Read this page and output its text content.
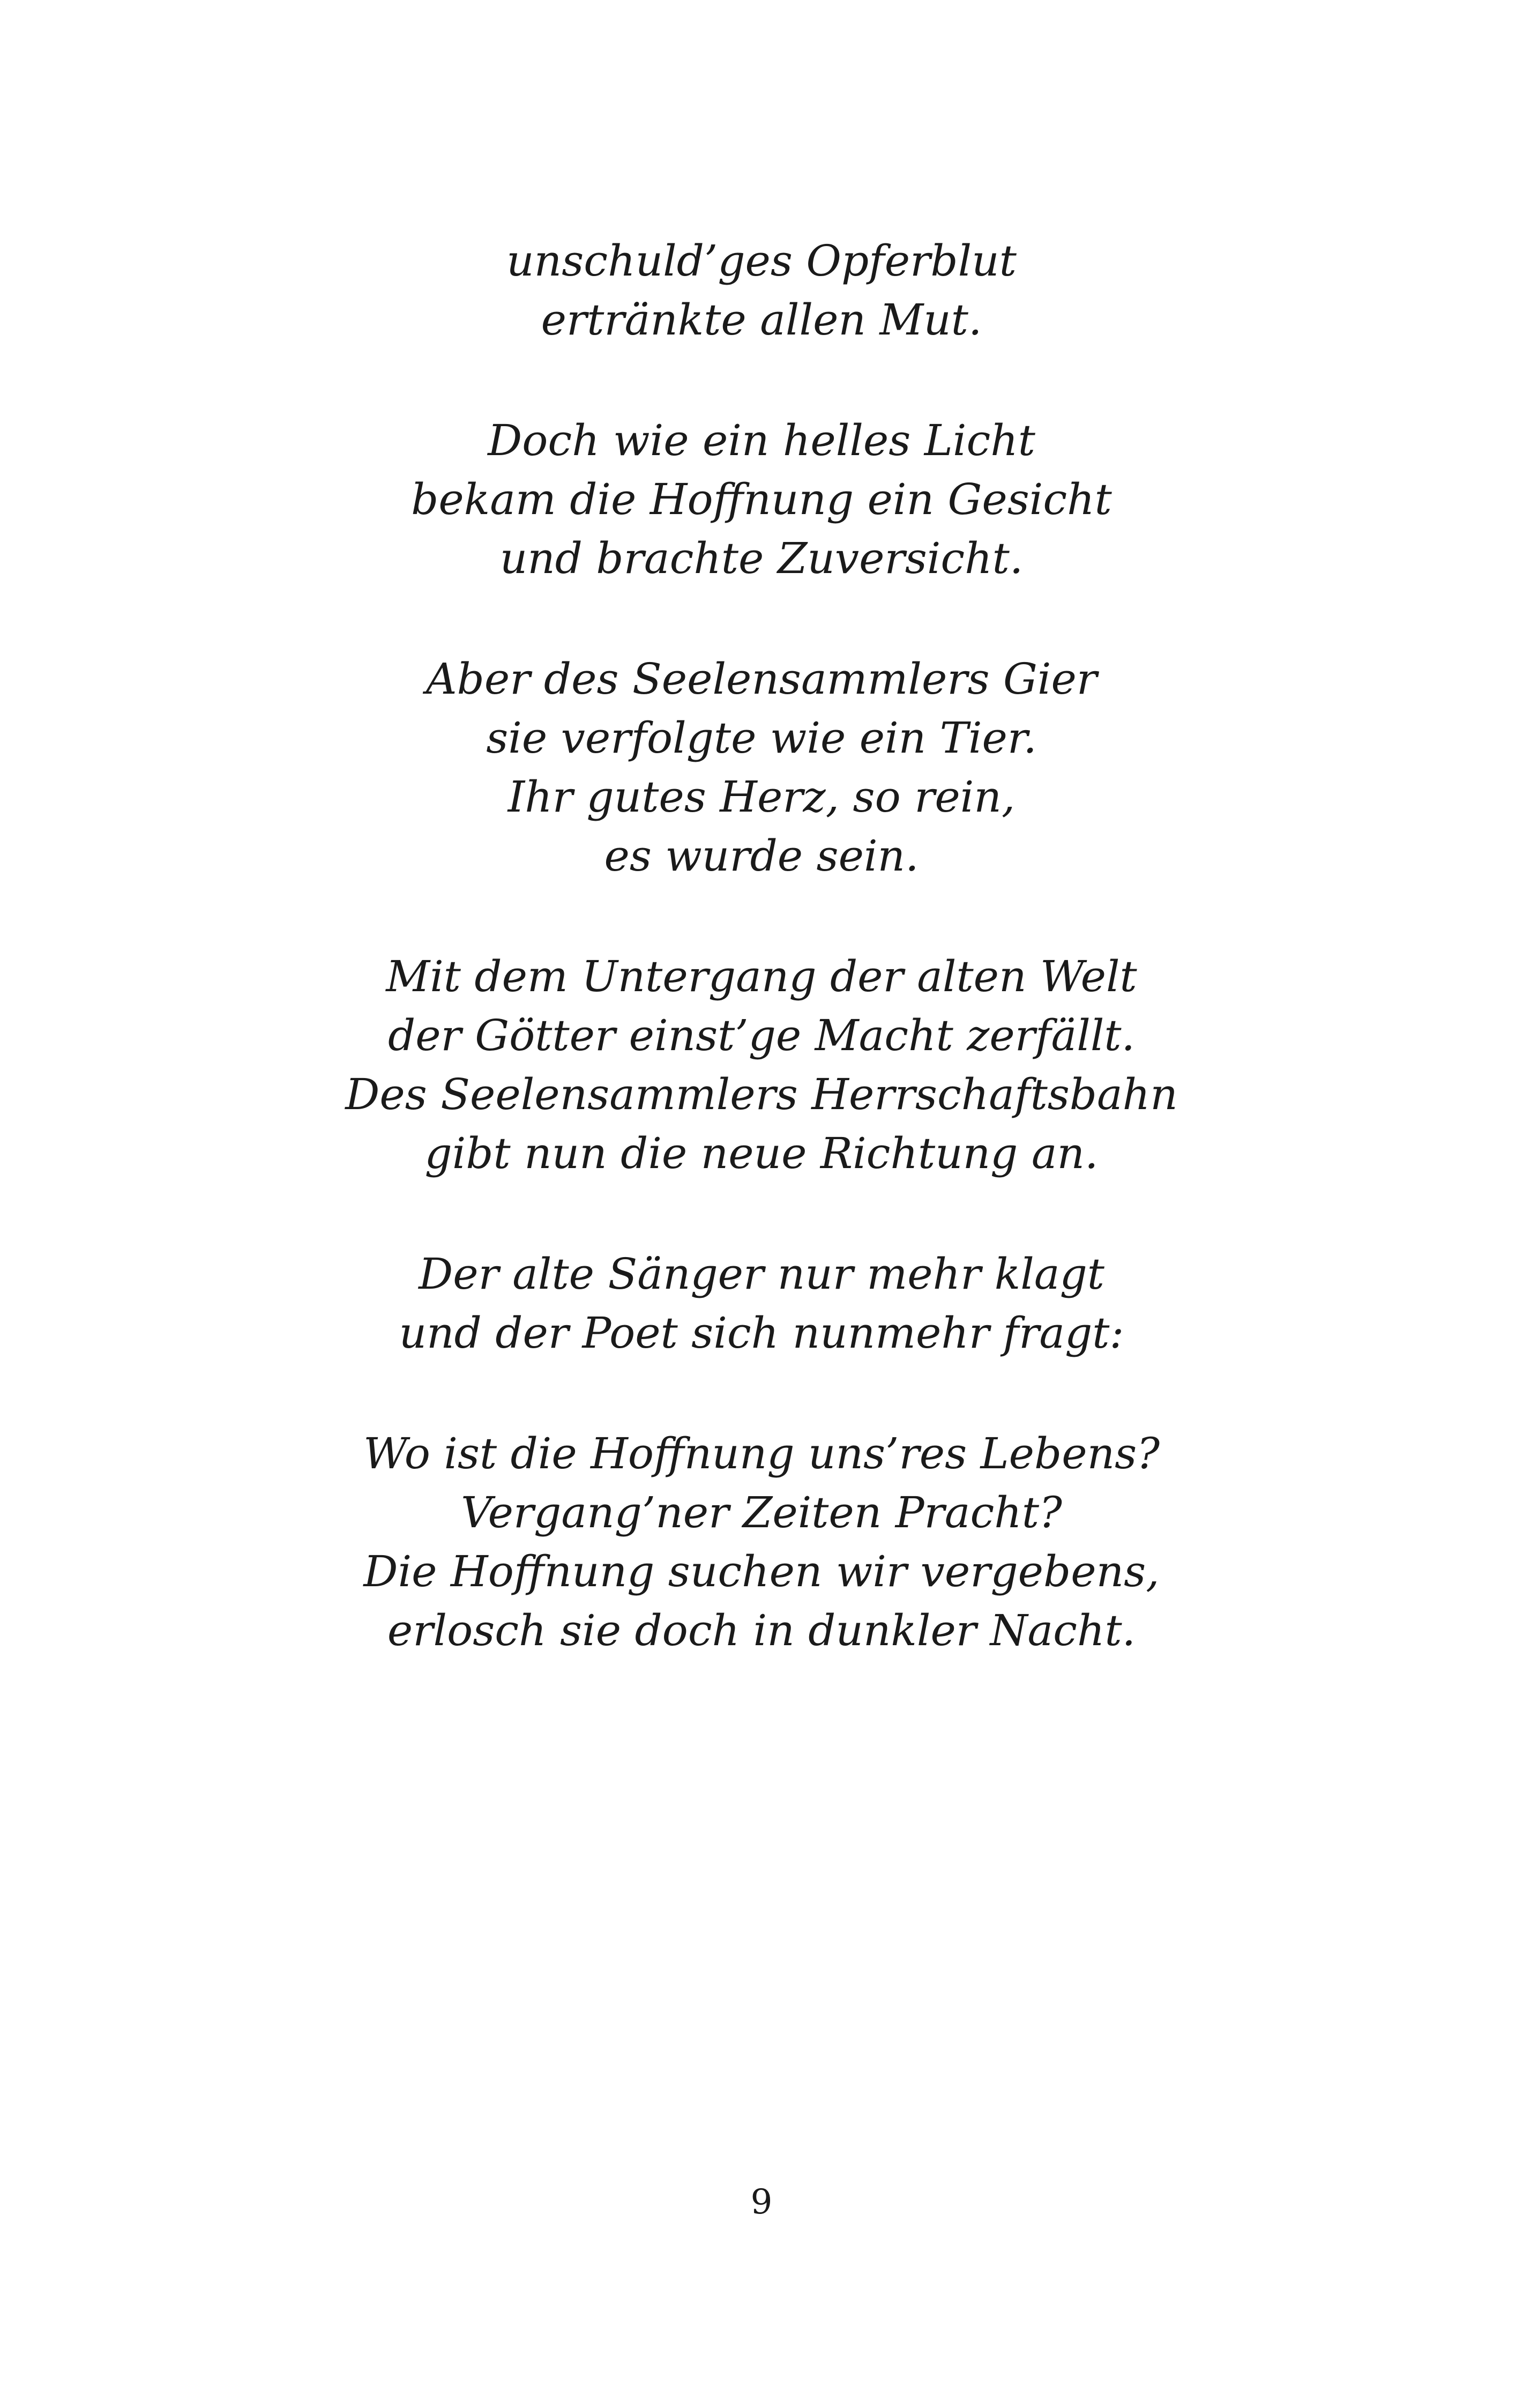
unschuld’ges Opferblut
ertränkte allen Mut.
Doch wie ein helles Licht
bekam die Hoffnung ein Gesicht
und brachte Zuversicht.
Aber des Seelensammlers Gier
sie verfolgte wie ein Tier.
Ihr gutes Herz, so rein,
es wurde sein.
Mit dem Untergang der alten Welt
der Götter einst’ge Macht zerfällt.
Des Seelensammlers Herrschaftsbahn
gibt nun die neue Richtung an.
Der alte Sänger nur mehr klagt
und der Poet sich nunmehr fragt:
Wo ist die Hoffnung uns’res Lebens?
Vergang’ner Zeiten Pracht?
Die Hoffnung suchen wir vergebens,
erlosch sie doch in dunkler Nacht.
9
